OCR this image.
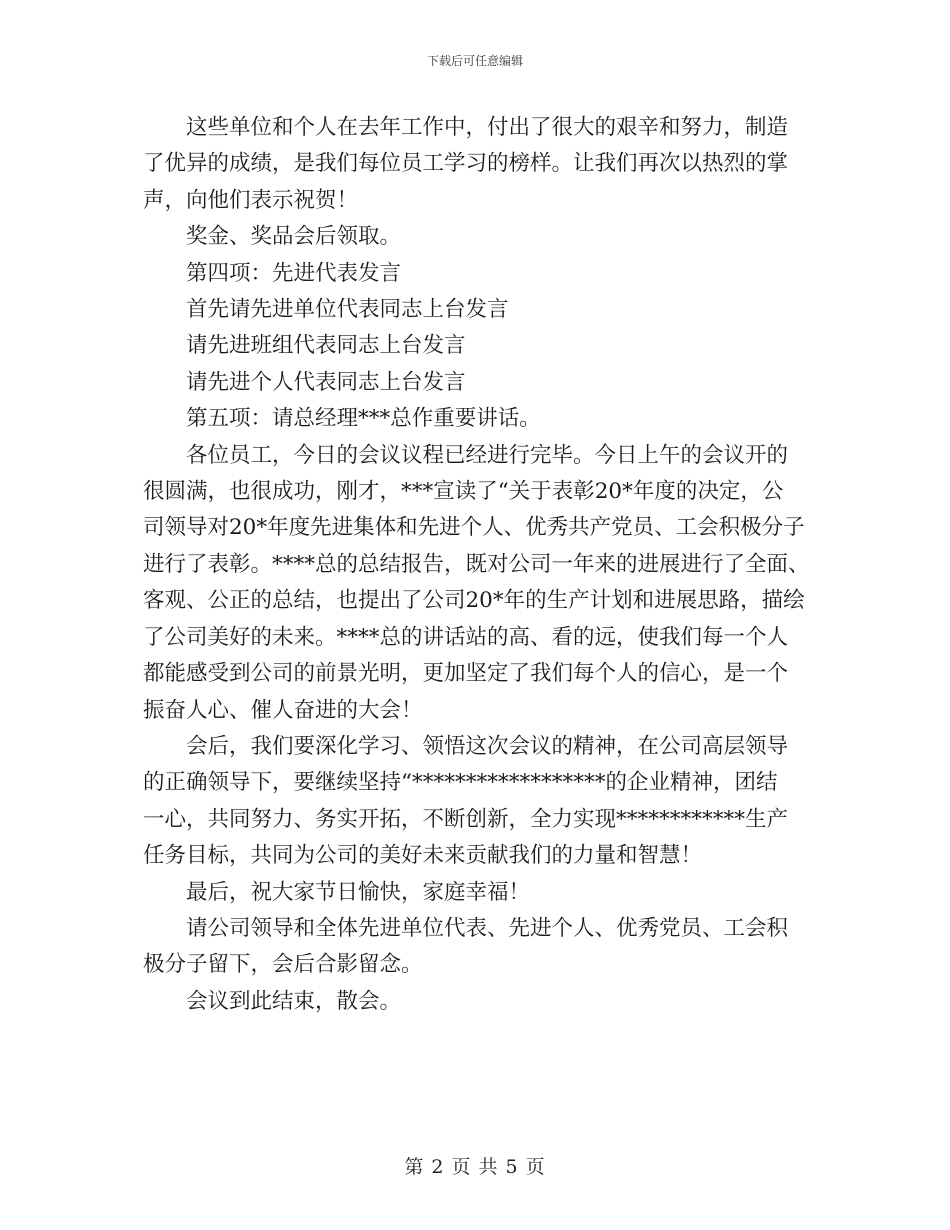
下载后可任意编辑
这些单位和个人在去年工作中，付出了很大的艰辛和努力，制造
了优异的成绩，是我们每位员工学习的榜样。让我们再次以热烈的掌
声，向他们表示祝贺！
奖金、奖品会后领取。
第四项：先进代表发言
首先请先进单位代表同志上台发言
请先进班组代表同志上台发言
请先进个人代表同志上台发言
第五项：请总经理***总作重要讲话。
各位员工，今日的会议议程已经进行完毕。今日上午的会议开的
很圆满，也很成功，刚才，***宣读了“关于表彰20*年度的决定，公
司领导对20*年度先进集体和先进个人、优秀共产党员、工会积极分子
进行了表彰。****总的总结报告，既对公司一年来的进展进行了全面、
客观、公正的总结，也提出了公司20*年的生产计划和进展思路，描绘
了公司美好的未来。****总的讲话站的高、看的远，使我们每一个人
都能感受到公司的前景光明，更加坚定了我们每个人的信心，是一个
振奋人心、催人奋进的大会！
会后，我们要深化学习、领悟这次会议的精神，在公司高层领导
的正确领导下，要继续坚持“******************的企业精神，团结
一心，共同努力、务实开拓，不断创新，全力实现************生产
任务目标，共同为公司的美好未来贡献我们的力量和智慧！
最后，祝大家节日愉快，家庭幸福！
请公司领导和全体先进单位代表、先进个人、优秀党员、工会积
极分子留下，会后合影留念。
会议到此结束，散会。
第 2 页 共 5 页
